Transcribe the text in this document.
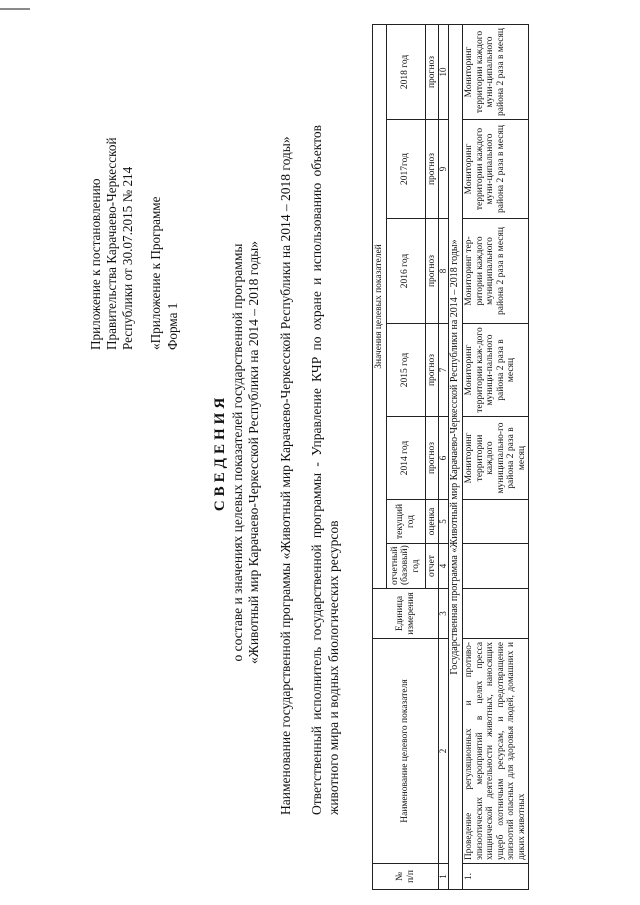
Приложение к постановлению Правительства Карачаево-Черкесской Республики от 30.07.2015 № 214 «Приложение к Программе Форма 1
СВЕДЕНИЯ о составе и значениях целевых показателей государственной программы «Животный мир Карачаево-Черкесской Республики на 2014 – 2018 годы» Наименование государственной программы «Животный мир Карачаево-Черкесской Республики на 2014 – 2018 годы» Ответственный исполнитель государственной программы - Управление КЧР по охране и использованию объектов животного мира и водных биологических ресурсов
№ п/п	Наименование целевого показателя	Единица измерения	Значения целевых показателей						
			отчетный (базовый) год	текущий год	2014 год	2015 год	2016 год	2017год	2018 год
			отчет	оценка	прогноз	прогноз	прогноз	прогноз	прогноз
1	2	3	4	5	6	7	8	9	10
Государственная программа «Животный мир Карачаево-Черкесской Республики на 2014 – 2018 годы»									
1.	Проведение регуляционных и противо-эпизоотических мероприятий в целях пресса хищнической деятельности животных, наносящих ущерб охотничьим ресурсам, и предотвращение эпизоотий опасных для здоровья людей, домашних и диких животных				Мониторинг территории каждого муниципально-го района 2 раза в месяц	Мониторинг территории каж-дого муници-пального района 2 раза в месяц	Мониторинг тер-ритории каждого муниципального района 2 раза в месяц	Мониторинг территории каждого муни-ципального района 2 раза в месяц	Мониторинг территории каждого муни-ципального района 2 раза в месяц
